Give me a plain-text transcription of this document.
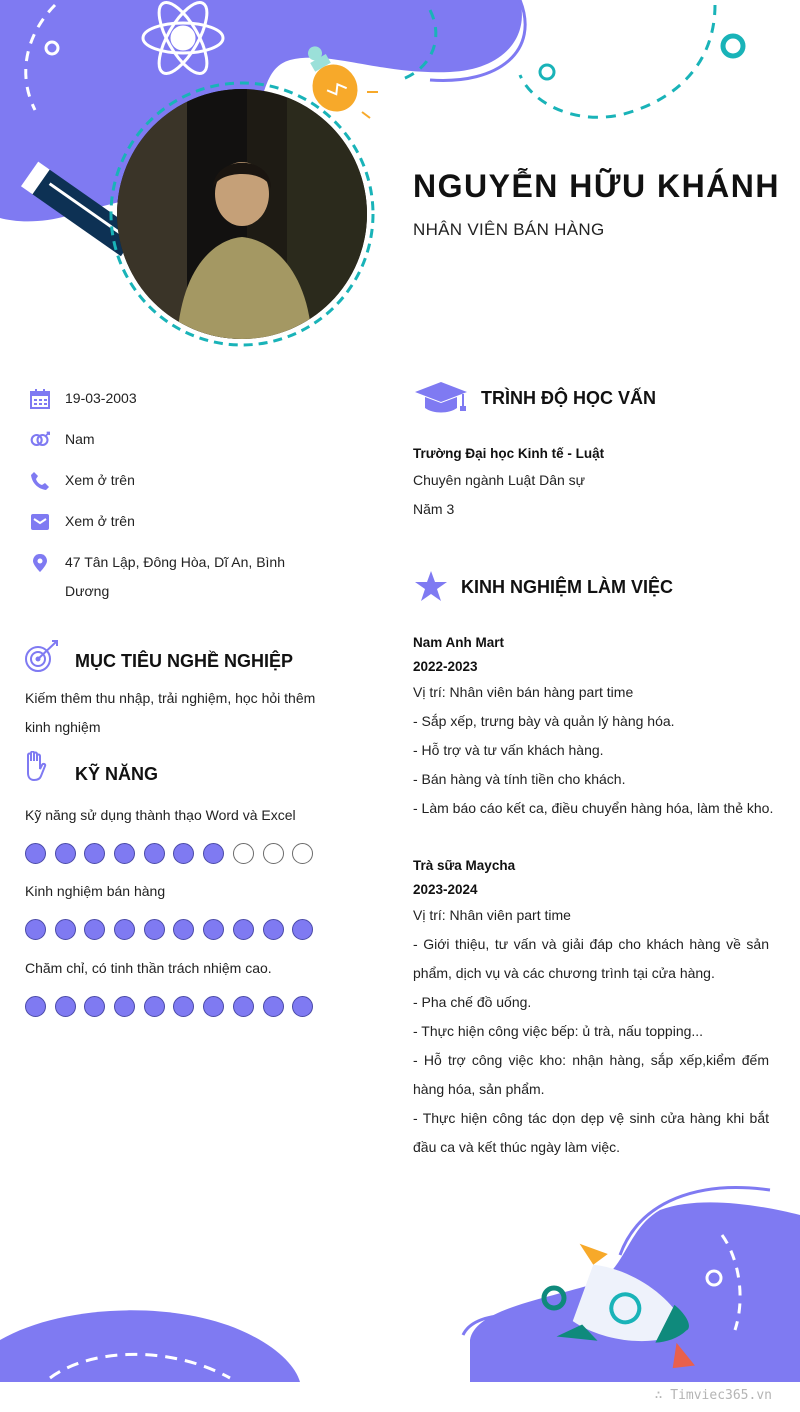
NGUYỄN HỮU KHÁNH
NHÂN VIÊN BÁN HÀNG
19-03-2003
Nam
Xem ở trên
Xem ở trên
47 Tân Lập, Đông Hòa, Dĩ An, Bình Dương
MỤC TIÊU NGHỀ NGHIỆP
Kiếm thêm thu nhập, trải nghiệm, học hỏi thêm kinh nghiệm
KỸ NĂNG
Kỹ năng sử dụng thành thạo Word và Excel
Kinh nghiệm bán hàng
Chăm chỉ, có tinh thần trách nhiệm cao.
TRÌNH ĐỘ HỌC VẤN
Trường Đại học Kinh tế - Luật
Chuyên ngành Luật Dân sự
Năm 3
KINH NGHIỆM LÀM VIỆC
Nam Anh Mart
2022-2023
Vị trí: Nhân viên bán hàng part time
- Sắp xếp, trưng bày và quản lý hàng hóa.
- Hỗ trợ và tư vấn khách hàng.
- Bán hàng và tính tiền cho khách.
- Làm báo cáo kết ca, điều chuyển hàng hóa, làm thẻ kho.
Trà sữa Maycha
2023-2024
Vị trí: Nhân viên part time
- Giới thiệu, tư vấn và giải đáp cho khách hàng về sản phẩm, dịch vụ và các chương trình tại cửa hàng.
- Pha chế đồ uống.
- Thực hiện công việc bếp: ủ trà, nấu topping...
- Hỗ trợ công việc kho: nhận hàng, sắp xếp,kiểm đếm hàng hóa, sản phẩm.
- Thực hiện công tác dọn dẹp vệ sinh cửa hàng khi bắt đầu ca và kết thúc ngày làm việc.
∴ Timviec365.vn
